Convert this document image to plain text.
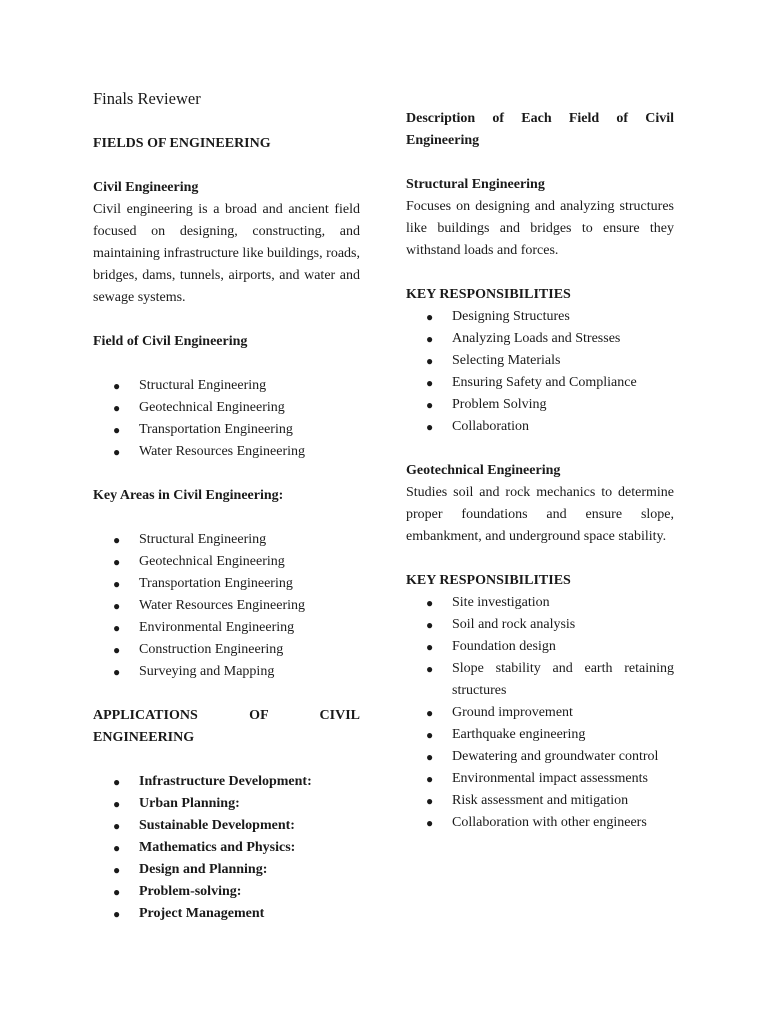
Finals Reviewer
FIELDS OF ENGINEERING
Civil Engineering
Civil engineering is a broad and ancient field focused on designing, constructing, and maintaining infrastructure like buildings, roads, bridges, dams, tunnels, airports, and water and sewage systems.
Field of Civil Engineering
● Structural Engineering
● Geotechnical Engineering
● Transportation Engineering
● Water Resources Engineering
Key Areas in Civil Engineering:
● Structural Engineering
● Geotechnical Engineering
● Transportation Engineering
● Water Resources Engineering
● Environmental Engineering
● Construction Engineering
● Surveying and Mapping
APPLICATIONS OF CIVIL ENGINEERING
● Infrastructure Development:
● Urban Planning:
● Sustainable Development:
● Mathematics and Physics:
● Design and Planning:
● Problem-solving:
● Project Management
Description of Each Field of Civil Engineering
Structural Engineering
Focuses on designing and analyzing structures like buildings and bridges to ensure they withstand loads and forces.
KEY RESPONSIBILITIES
● Designing Structures
● Analyzing Loads and Stresses
● Selecting Materials
● Ensuring Safety and Compliance
● Problem Solving
● Collaboration
Geotechnical Engineering
Studies soil and rock mechanics to determine proper foundations and ensure slope, embankment, and underground space stability.
KEY RESPONSIBILITIES
● Site investigation
● Soil and rock analysis
● Foundation design
● Slope stability and earth retaining structures
● Ground improvement
● Earthquake engineering
● Dewatering and groundwater control
● Environmental impact assessments
● Risk assessment and mitigation
● Collaboration with other engineers
